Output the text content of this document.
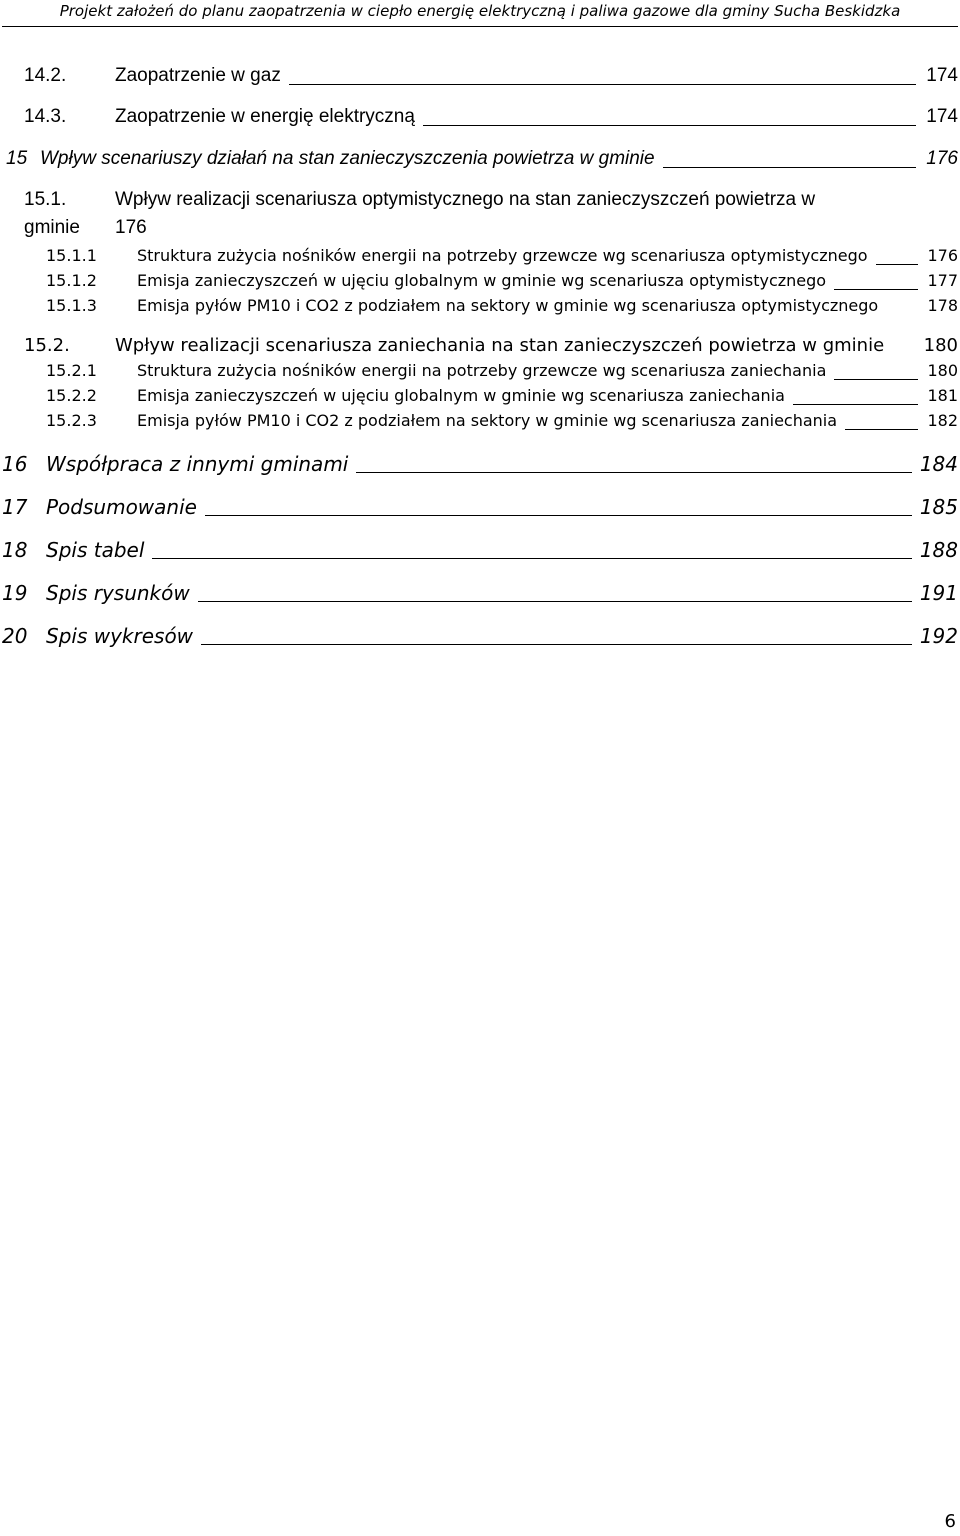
Projekt założeń do planu zaopatrzenia w ciepło energię elektryczną i paliwa gazowe dla gminy Sucha Beskidzka
14.2.	Zaopatrzenie w gaz	174
14.3.	Zaopatrzenie w energię elektryczną	174
15 Wpływ scenariuszy działań na stan zanieczyszczenia powietrza w gminie	176
15.1.	Wpływ realizacji scenariusza optymistycznego na stan zanieczyszczeń powietrza w
gminie 176
15.1.1	Struktura zużycia nośników energii na potrzeby grzewcze wg scenariusza optymistycznego	176
15.1.2	Emisja zanieczyszczeń w ujęciu globalnym w gminie wg scenariusza optymistycznego	177
15.1.3	Emisja pyłów PM10 i CO2 z podziałem na sektory w gminie wg scenariusza optymistycznego	178
15.2.	Wpływ realizacji scenariusza zaniechania na stan zanieczyszczeń powietrza w gminie 180
15.2.1	Struktura zużycia nośników energii na potrzeby grzewcze wg scenariusza zaniechania	180
15.2.2	Emisja zanieczyszczeń w ujęciu globalnym w gminie wg scenariusza zaniechania	181
15.2.3	Emisja pyłów PM10 i CO2 z podziałem na sektory w gminie wg scenariusza zaniechania	182
16 Współpraca z innymi gminami	184
17 Podsumowanie	185
18 Spis tabel	188
19 Spis rysunków	191
20 Spis wykresów	192
6
